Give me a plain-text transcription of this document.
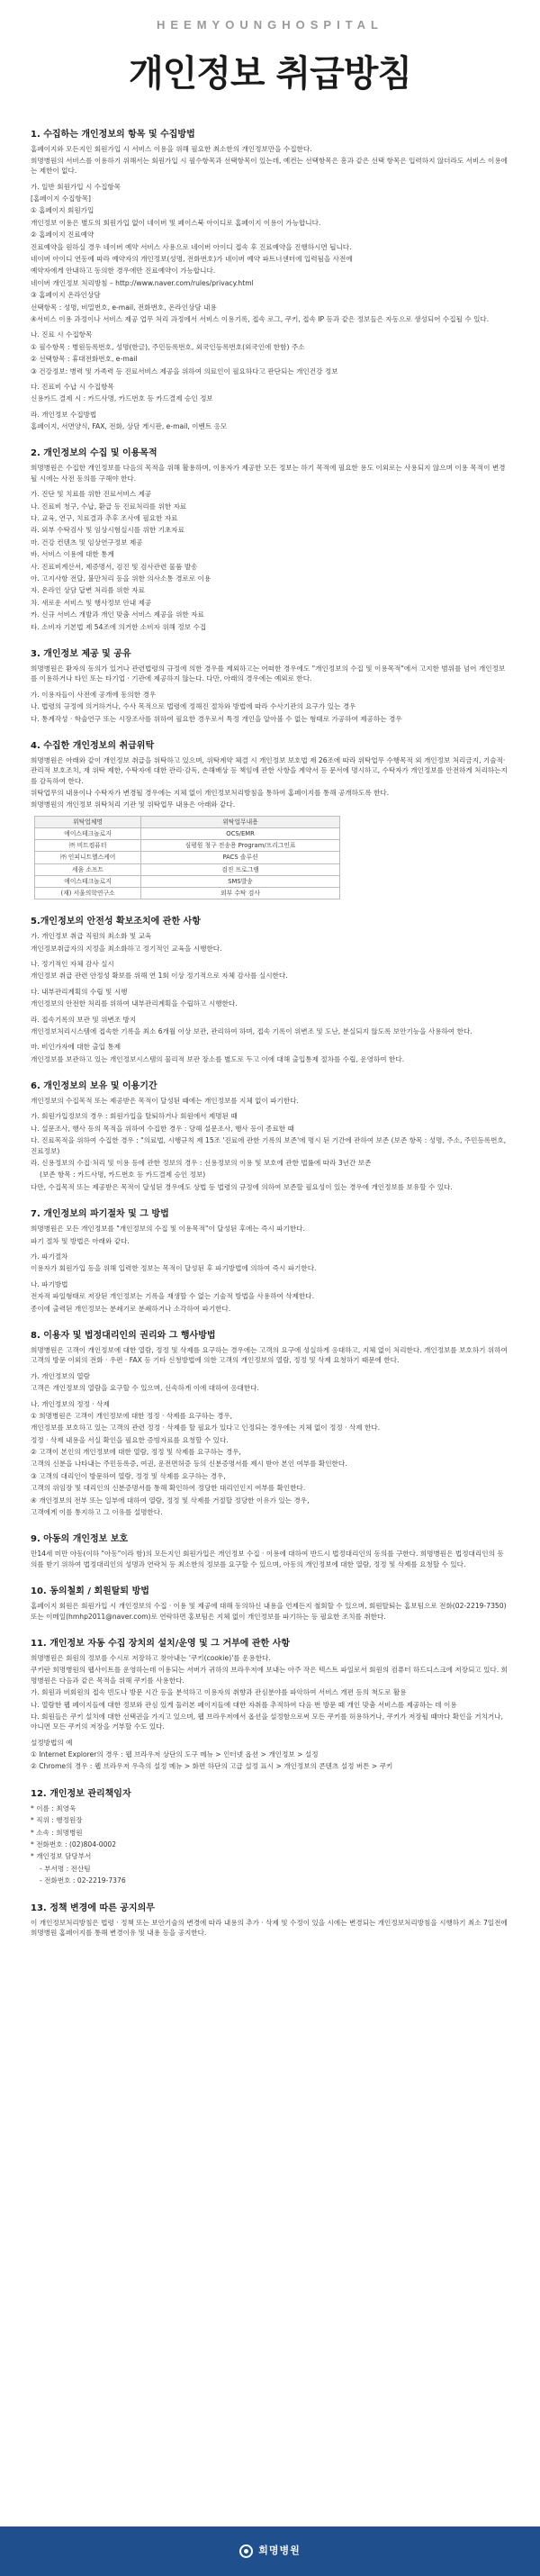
HEEMYOUNGHOSPITAL
개인정보 취급방침
1. 수집하는 개인정보의 항목 및 수집방법
홈페이지와 모든지인 회원가입 시 서비스 이용을 위해 필요한 최소한의 개인정보만을 수집한다.
희명병원의 서비스를 이용하기 위해서는 회원가입 시 필수항목과 선택항목이 있는데, 예컨는 선택항목은 흥과 같은 선택 항목은 입력하지 않더라도 서비스 이용에는 제한이 없다.
가. 일반 회원가입 시 수집항목
[홈페이지 수집항목]
① 홈페이지 회원가입
개인정보 이용은 별도의 회원가입 없이 네이버 및 페이스북 아이디로 홈페이지 이용이 가능합니다.
② 홈페이지 진료예약
진료예약을 원하실 경우 네이버 예약 서비스 사용으로 네이버 아이디 접속 후 진료예약을 진행하시면 됩니다.
네이버 아이디 연동에 따라 예약자의 개인정보(성명, 전화번호)가 네이버 예약 파트너센터에 입력됨을 사전에
예약자에게 안내하고 동의한 경우에만 진료예약이 가능합니다.
네이버 개인정보 처리방침 – http://www.naver.com/rules/privacy.html
③ 홈페이지 온라인상담
선택항목 : 성명, 비밀번호, e-mail, 전화번호, 온라인상담 내용
④서비스 이용 과정이나 서비스 제공 업무 처리 과정에서 서비스 이용기록, 접속 로그, 쿠키, 접속 IP 등과 같은 정보들은 자동으로 생성되어 수집될 수 있다.
나. 진료 시 수집항목
① 필수항목 : 병원등록번호, 성명(한글), 주민등록번호, 외국인등록번호(외국인에 한함) 주소
② 선택항목 : 휴대전화번호, e-mail
③ 건강정보: 병력 및 가족력 등 진료서비스 제공을 위하여 의료인이 필요하다고 판단되는 개인건강 정보
다. 진료비 수납 시 수집항목
신용카드 결제 시 : 카드사명, 카드번호 등 카드결제 승인 정보
라. 개인정보 수집방법
홈페이지, 서면양식, FAX, 전화, 상담 게시판, e-mail, 이벤트 응모
2. 개인정보의 수집 및 이용목적
희명병원은 수집한 개인정보를 다음의 목적을 위해 활용하며, 이용자가 제공한 모든 정보는 하기 목적에 필요한 용도 이외로는 사용되지 않으며 이용 목적이 변경될 시에는 사전 동의를 구해야 한다.
가. 진단 및 치료를 위한 진료서비스 제공
나. 진료비 청구, 수납, 환급 등 진료처리를 위한 자료
다. 교육, 연구, 치료결과 추후 조사에 필요한 자료
라. 외부 수탁검사 및 임상시험실시를 위한 기초자료
마. 건강 컨텐츠 및 임상연구정보 제공
바. 서비스 이용에 대한 통계
사. 진료비계산서, 제증명서, 검진 및 검사관련 물품 발송
아. 고지사항 전달, 불만처리 등을 위한 의사소통 경로로 이용
자. 온라인 상담 답변 처리를 위한 자료
차. 새로운 서비스 및 행사정보 안내 제공
카. 신규 서비스 개발과 개인 맞춤 서비스 제공을 위한 자료
타. 소비자 기본법 제 54조에 의거한 소비자 위해 정보 수집
3. 개인정보 제공 및 공유
희명병원은 환자의 동의가 있거나 관련법령의 규정에 의한 경우를 제외하고는 어떠한 경우에도 "개인정보의 수집 및 이용목적"에서 고지한 범위를 넘어 개인정보를 이용하거나 타인 또는 타기업 · 기관에 제공하지 않는다. 다만, 아래의 경우에는 예외로 한다.
가. 이용자들이 사전에 공개에 동의한 경우
나. 법령의 규정에 의거하거나, 수사 목적으로 법령에 정해진 절차와 방법에 따라 수사기관의 요구가 있는 경우
다. 통계작성 · 학술연구 또는 시장조사를 위하여 필요한 경우로서 특정 개인을 알아볼 수 없는 형태로 가공하여 제공하는 경우
4. 수집한 개인정보의 취급위탁
희명병원은 아래와 같이 개인정보 취급을 위탁하고 있으며, 위탁계약 체결 시 개인정보 보호법 제 26조에 따라 위탁업무 수행목적 외 개인정보 처리금지, 기술적·관리적 보호조치, 재 위탁 제한, 수탁자에 대한 관리·감독, 손해배상 등 책임에 관한 사항을 계약서 등 문서에 명시하고, 수탁자가 개인정보를 안전하게 처리하는지를 감독하여 한다.
위탁업무의 내용이나 수탁자가 변경될 경우에는 지체 없이 개인정보처리방침을 통하여 홈페이지를 통해 공개하도록 한다.
희명병원의 개인정보 위탁처리 기관 및 위탁업무 내용은 아래와 같다.
위탁업체명	위탁업무내용
에이스테크놀로지	OCS/EMR
㈜ 비트컴퓨터	심평원 청구 전송용 Program/프리그인표
㈜ 인피니트헬스케어	PACS 솔루션
세움 소프트	검진 프로그램
에이스테크놀로지	SMS발송
(재) 서울의학연구소	외부 수탁 검사
5.개인정보의 안전성 확보조치에 관한 사항
가. 개인정보 취급 직원의 최소화 및 교육
개인정보취급자의 지정을 최소화하고 정기적인 교육을 시행한다.
나. 정기적인 자체 감사 실시
개인정보 취급 관련 안정성 확보를 위해 연 1회 이상 정기적으로 자체 감사를 실시한다.
다. 내부관리계획의 수립 및 시행
개인정보의 안전한 처리를 위하여 내부관리계획을 수립하고 시행한다.
라. 접속기록의 보관 및 위변조 방지
개인정보처리시스템에 접속한 기록을 최소 6개월 이상 보관, 관리하여 하며, 접속 기록이 위변조 및 도난, 분실되지 않도록 보안기능을 사용하여 한다.
마. 비인가자에 대한 출입 통제
개인정보를 보관하고 있는 개인정보시스템의 물리적 보관 장소를 별도로 두고 이에 대해 출입통제 절차를 수립, 운영하여 한다.
6. 개인정보의 보유 및 이용기간
개인정보의 수집목적 또는 제공받은 목적이 달성된 때에는 개인정보를 지체 없이 파기한다.
가. 회원가입정보의 경우 : 회원가입을 탈퇴하거나 회원에서 제명된 때
나. 설문조사, 행사 등의 목적을 위하여 수집한 경우 : 당해 설문조사, 행사 등이 종료한 때
다. 진료목적을 위하여 수집한 경우 : "의료법, 시행규칙 제 15조 '진료에 관한 기록의 보존'에 명시 된 기간에 관하여 보존 (보존 항목 : 성명, 주소, 주민등록번호, 진료정보)
라. 신용정보의 수집·처리 및 이용 등에 관한 정보의 경우 : 신용정보의 이용 및 보호에 관한 법률에 따라 3년간 보존
(보존 항목 : 카드사명, 카드번호 등 카드결제 승인 정보)
다만, 수집목적 또는 제공받은 목적이 달성된 경우에도 상법 등 법령의 규정에 의하여 보존할 필요성이 있는 경우에 개인정보를 보유할 수 있다.
7. 개인정보의 파기절차 및 그 방법
희명병원은 모든 개인정보를 "개인정보의 수집 및 이용목적"이 달성된 후에는 즉시 파기한다.
파기 절차 및 방법은 아래와 같다.
가. 파기절차
이용자가 회원가입 등을 위해 입력한 정보는 목적이 달성된 후 파기방법에 의하여 즉시 파기한다.
나. 파기방법
전자적 파일형태로 저장된 개인정보는 기록을 재생할 수 없는 기술적 방법을 사용하여 삭제한다.
종이에 출력된 개인정보는 분쇄기로 분쇄하거나 소각하여 파기한다.
8. 이용자 및 법정대리인의 권리와 그 행사방법
희명병원은 고객이 개인정보에 대한 열람, 정정 및 삭제를 요구하는 경우에는 고객의 요구에 성실하게 응대하고, 지체 없이 처리한다. 개인정보를 보호하기 위하여 고객의 방문 이외의 전화 · 우편 · FAX 등 기타 신청방법에 의한 고객의 개인정보의 열람, 정정 및 삭제 요청하기 때문에 한다.
가. 개인정보의 열람
고객은 개인정보의 열람을 요구할 수 있으며, 신속하게 이에 대하여 응대한다.
나. 개인정보의 정정 · 삭제
① 희명병원은 고객이 개인정보에 대한 정정 · 삭제를 요구하는 경우,
개인정보를 보호하고 있는 고객의 관련 정정 · 삭제를 할 필요가 있다고 인정되는 경우에는 지체 없이 정정 · 삭제 한다.
정정 · 삭제 내용을 서실 확인을 필요한 증빙자료를 요청할 수 있다.
② 고객이 본인의 개인정보에 대한 열람, 정정 및 삭제를 요구하는 경우,
고객의 신분을 나타내는 주민등록증, 여권, 운전면허증 등의 신분증명서를 제시 받아 본인 여부를 확인한다.
③ 고객의 대리인이 방문하여 열람, 정정 및 삭제를 요구하는 경우,
고객의 위임장 및 대리인의 신분증명서를 통해 확인하여 정당한 대리인인지 여부를 확인한다.
④ 개인정보의 전부 또는 일부에 대하여 열람, 정정 및 삭제를 거절할 정당한 이유가 있는 경우,
고객에게 이를 통지하고 그 이유를 설명한다.
9. 아동의 개인정보 보호
만14세 미만 아동(이하 "아동"이라 함)의 모든지인 회원가입은 개인정보 수집 · 이용에 대하여 반드시 법정대리인의 동의를 구한다. 희명병원은 법정대리인의 동의를 받기 위하여 법정대리인의 성명과 연락처 등 최소한의 정보를 요구할 수 있으며, 아동의 개인정보에 대한 열람, 정정 및 삭제를 요청할 수 있다.
10. 동의철회 / 회원탈퇴 방법
홈페이지 회원은 회원가입 시 개인정보의 수집 · 이용 및 제공에 대해 동의하신 내용을 언제든지 철회할 수 있으며, 회원탈퇴는 홈보팀으로 전화(02-2219-7350) 또는 이메일(hmhp2011@naver.com)로 연락하면 홍보팀은 지체 없이 개인정보를 파기하는 등 필요한 조치를 취한다.
11. 개인정보 자동 수집 장치의 설치/운영 및 그 거부에 관한 사항
희명병원은 회원의 정보를 수시로 저장하고 찾아내는 '쿠키(cookie)'를 운용한다.
쿠키란 희명병원의 웹사이트를 운영하는데 이용되는 서버가 귀하의 브라우저에 보내는 아주 작은 텍스트 파일로서 회원의 컴퓨터 하드디스크에 저장되고 있다. 희명병원은 다음과 같은 목적을 위해 쿠키를 사용한다.
가. 회원과 비회원의 접속 빈도나 방문 시간 등을 분석하고 이용자의 취향과 관심분야를 파악하여 서비스 개편 등의 척도로 활용
나. 열람한 웹 페이지들에 대한 정보와 관심 있게 둘러본 페이지들에 대한 자취를 추적하여 다음 번 방문 때 개인 맞춤 서비스를 제공하는 데 이용
다. 회원들은 쿠키 설치에 대한 선택권을 가지고 있으며, 웹 브라우저에서 옵션을 설정함으로써 모든 쿠키를 허용하거나, 쿠키가 저장될 때마다 확인을 거치거나, 아니면 모든 쿠키의 저장을 거부할 수도 있다.
설정방법의 예
① Internet Explorer의 경우 : 웹 브라우저 상단의 도구 메뉴 > 인터넷 옵션 > 개인정보 > 설정
② Chrome의 경우 : 웹 브라우저 우측의 설정 메뉴 > 화면 하단의 고급 설정 표시 > 개인정보의 콘텐츠 설정 버튼 > 쿠키
12. 개인정보 관리책임자
* 이름 : 최영욱
* 직위 : 행정원장
* 소속 : 희명병원
* 전화번호 : (02)804-0002
* 개인정보 담당부서
- 부서명 : 전산팀
- 전화번호 : 02-2219-7376
13. 정책 변경에 따른 공지의무
이 개인정보처리방침은 법령 · 정책 또는 보안기술의 변경에 따라 내용의 추가 · 삭제 및 수정이 있을 시에는 변경되는 개인정보처리방침을 시행하기 최소 7일전에 희명병원 홈페이지를 통해 변경이유 및 내용 등을 공지한다.
희명병원
